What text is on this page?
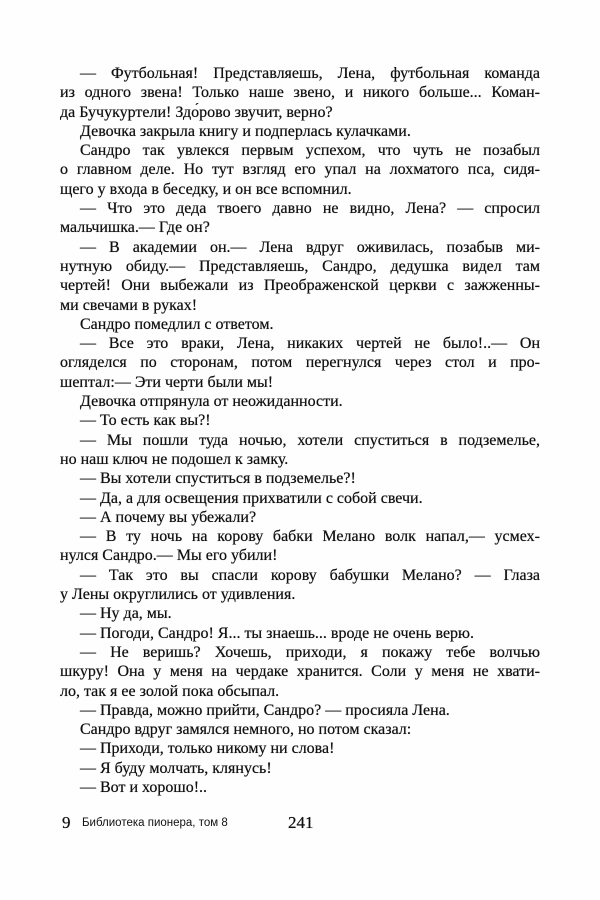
— Футбольная! Представляешь, Лена, футбольная команда
из одного звена! Только наше звено, и никого больше... Коман-
да Бучукуртели! Здо́рово звучит, верно?
Девочка закрыла книгу и подперлась кулачками.
Сандро так увлекся первым успехом, что чуть не позабыл
о главном деле. Но тут взгляд его упал на лохматого пса, сидя-
щего у входа в беседку, и он все вспомнил.
— Что это деда твоего давно не видно, Лена? — спросил
мальчишка.— Где он?
— В академии он.— Лена вдруг оживилась, позабыв ми-
нутную обиду.— Представляешь, Сандро, дедушка видел там
чертей! Они выбежали из Преображенской церкви с зажженны-
ми свечами в руках!
Сандро помедлил с ответом.
— Все это враки, Лена, никаких чертей не было!..— Он
огляделся по сторонам, потом перегнулся через стол и про-
шептал:— Эти черти были мы!
Девочка отпрянула от неожиданности.
— То есть как вы?!
— Мы пошли туда ночью, хотели спуститься в подземелье,
но наш ключ не подошел к замку.
— Вы хотели спуститься в подземелье?!
— Да, а для освещения прихватили с собой свечи.
— А почему вы убежали?
— В ту ночь на корову бабки Мелано волк напал,— усмех-
нулся Сандро.— Мы его убили!
— Так это вы спасли корову бабушки Мелано? — Глаза
у Лены округлились от удивления.
— Ну да, мы.
— Погоди, Сандро! Я... ты знаешь... вроде не очень верю.
— Не веришь? Хочешь, приходи, я покажу тебе волчью
шкуру! Она у меня на чердаке хранится. Соли у меня не хвати-
ло, так я ее золой пока обсыпал.
— Правда, можно прийти, Сандро? — просияла Лена.
Сандро вдруг замялся немного, но потом сказал:
— Приходи, только никому ни слова!
— Я буду молчать, клянусь!
— Вот и хорошо!..
9 Библиотека пионера, том 8	241
